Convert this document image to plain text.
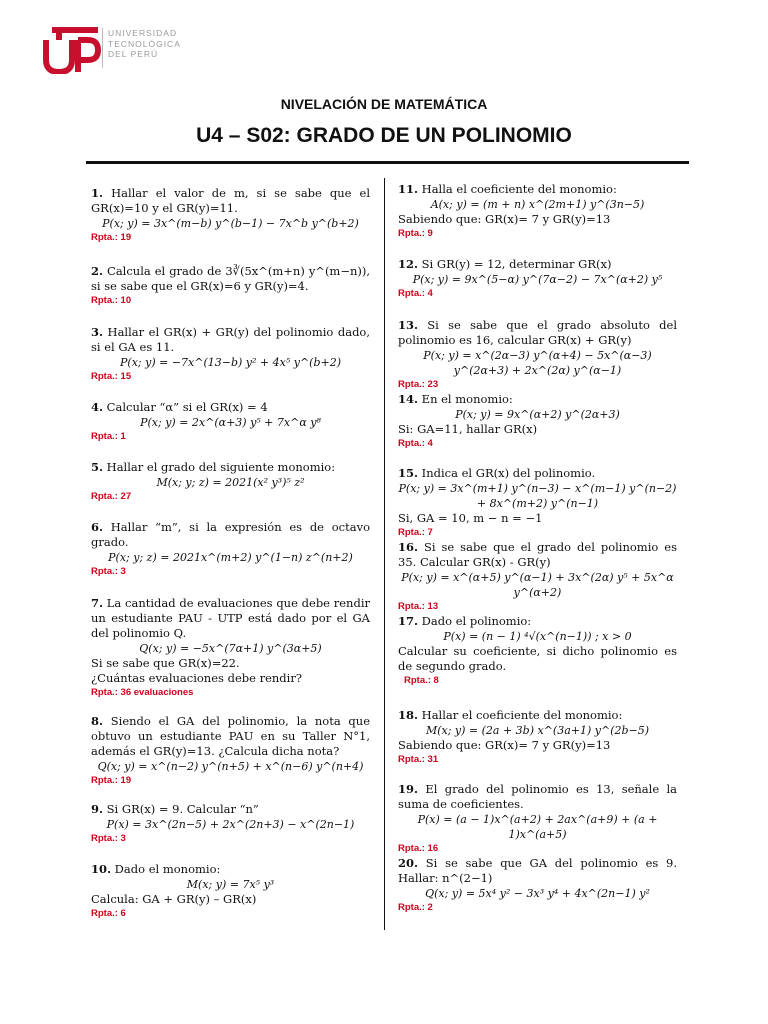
UNIVERSIDAD
TECNOLÓGICA
DEL PERÚ
NIVELACIÓN DE MATEMÁTICA
U4 – S02: GRADO DE UN POLINOMIO
1. Hallar el valor de m, si se sabe que el GR(x)=10 y el GR(y)=11.
P(x; y) = 3x^(m−b) y^(b−1) − 7x^b y^(b+2)
Rpta.: 19
2. Calcula el grado de 3∛(5x^(m+n) y^(m−n)), si se sabe que el GR(x)=6 y GR(y)=4.
Rpta.: 10
3. Hallar el GR(x) + GR(y) del polinomio dado, si el GA es 11.
P(x; y) = −7x^(13−b) y² + 4x⁵ y^(b+2)
Rpta.: 15
4. Calcular “α” si el GR(x) = 4
P(x; y) = 2x^(α+3) y⁵ + 7x^α y⁸
Rpta.: 1
5. Hallar el grado del siguiente monomio:
M(x; y; z) = 2021(x² y³)⁵ z²
Rpta.: 27
6. Hallar “m”, si la expresión es de octavo grado.
P(x; y; z) = 2021x^(m+2) y^(1−n) z^(n+2)
Rpta.: 3
7. La cantidad de evaluaciones que debe rendir un estudiante PAU - UTP está dado por el GA del polinomio Q.
Q(x; y) = −5x^(7α+1) y^(3α+5)
Si se sabe que GR(x)=22.
¿Cuántas evaluaciones debe rendir?
Rpta.: 36 evaluaciones
8. Siendo el GA del polinomio, la nota que obtuvo un estudiante PAU en su Taller N°1, además el GR(y)=13. ¿Calcula dicha nota?
Q(x; y) = x^(n−2) y^(n+5) + x^(n−6) y^(n+4)
Rpta.: 19
9. Si GR(x) = 9. Calcular “n”
P(x) = 3x^(2n−5) + 2x^(2n+3) − x^(2n−1)
Rpta.: 3
10. Dado el monomio:
M(x; y) = 7x⁵ y³
Calcula: GA + GR(y) – GR(x)
Rpta.: 6
11. Halla el coeficiente del monomio:
A(x; y) = (m + n) x^(2m+1) y^(3n−5)
Sabiendo que: GR(x)= 7 y GR(y)=13
Rpta.: 9
12. Si GR(y) = 12, determinar GR(x)
P(x; y) = 9x^(5−α) y^(7α−2) − 7x^(α+2) y⁵
Rpta.: 4
13. Si se sabe que el grado absoluto del polinomio es 16, calcular GR(x) + GR(y)
P(x; y) = x^(2α−3) y^(α+4) − 5x^(α−3) y^(2α+3) + 2x^(2α) y^(α−1)
Rpta.: 23
14. En el monomio:
P(x; y) = 9x^(α+2) y^(2α+3)
Si: GA=11, hallar GR(x)
Rpta.: 4
15. Indica el GR(x) del polinomio.
P(x; y) = 3x^(m+1) y^(n−3) − x^(m−1) y^(n−2) + 8x^(m+2) y^(n−1)
Si, GA = 10, m − n = −1
Rpta.: 7
16. Si se sabe que el grado del polinomio es 35. Calcular GR(x) - GR(y)
P(x; y) = x^(α+5) y^(α−1) + 3x^(2α) y⁵ + 5x^α y^(α+2)
Rpta.: 13
17. Dado el polinomio:
P(x) = (n − 1) ⁴√(x^(n−1)) ; x > 0
Calcular su coeficiente, si dicho polinomio es de segundo grado.
Rpta.: 8
18. Hallar el coeficiente del monomio:
M(x; y) = (2a + 3b) x^(3a+1) y^(2b−5)
Sabiendo que: GR(x)= 7 y GR(y)=13
Rpta.: 31
19. El grado del polinomio es 13, señale la suma de coeficientes.
P(x) = (a − 1)x^(a+2) + 2ax^(a+9) + (a + 1)x^(a+5)
Rpta.: 16
20. Si se sabe que GA del polinomio es 9. Hallar: n^(2−1)
Q(x; y) = 5x⁴ y² − 3x³ y⁴ + 4x^(2n−1) y²
Rpta.: 2
